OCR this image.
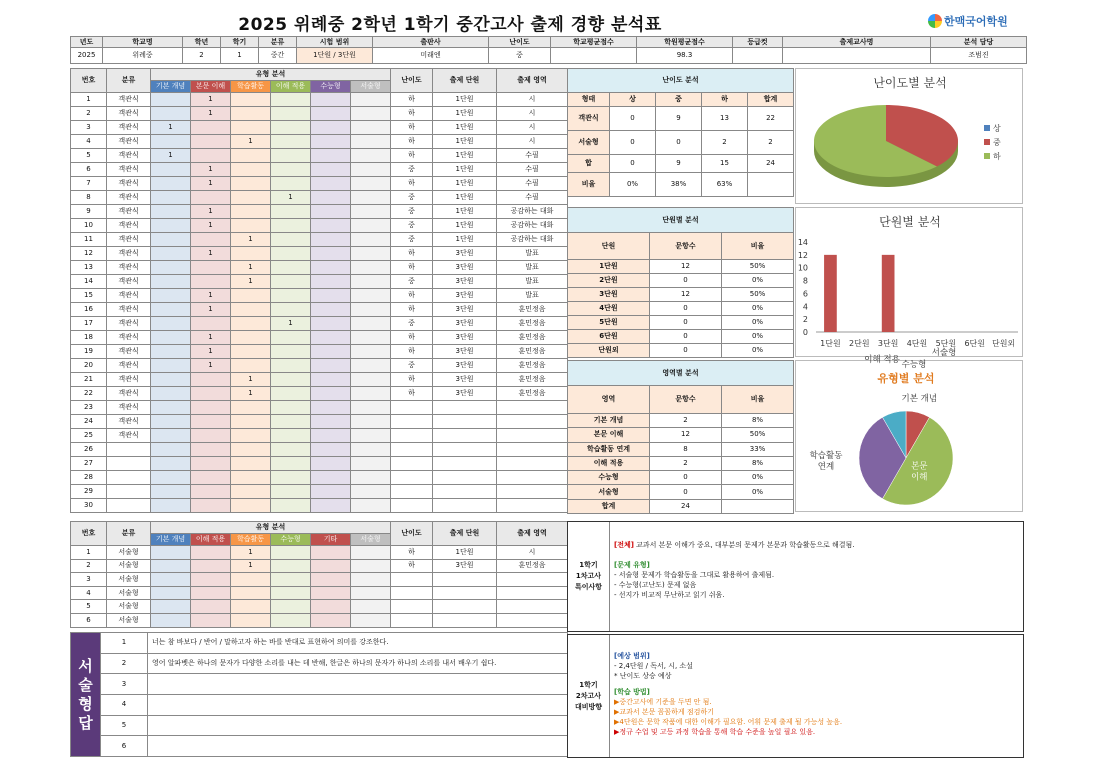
2025 위례중 2학년 1학기 중간고사 출제 경향 분석표	한맥국어학원
년도	학교명	학년	학기	분류	시험 범위	출판사	난이도	학교평균점수	학원평균점수	등급컷	출제교사명	분석 담당
2025	위례중	2	1	중간	1단원 / 3단원	미래엔	중		98.3			조범진
번호	분류	유형 분석						난이도	출제 단원	출제 영역
		기본 개념	본문 이해	학습활동	이해 적용	수능형	서술형			
1	객관식		1					하	1단원	시
2	객관식		1					하	1단원	시
3	객관식	1						하	1단원	시
4	객관식			1				하	1단원	시
5	객관식	1						하	1단원	수필
6	객관식		1					중	1단원	수필
7	객관식		1					하	1단원	수필
8	객관식				1			중	1단원	수필
9	객관식		1					중	1단원	공감하는 대화
10	객관식		1					중	1단원	공감하는 대화
11	객관식			1				중	1단원	공감하는 대화
12	객관식		1					하	3단원	발표
13	객관식			1				하	3단원	발표
14	객관식			1				중	3단원	발표
15	객관식		1					하	3단원	발표
16	객관식		1					하	3단원	훈민정음
17	객관식				1			중	3단원	훈민정음
18	객관식		1					하	3단원	훈민정음
19	객관식		1					하	3단원	훈민정음
20	객관식		1					중	3단원	훈민정음
21	객관식			1				하	3단원	훈민정음
22	객관식			1				하	3단원	훈민정음
23	객관식									
24	객관식									
25	객관식									
26										
27										
28										
29										
30										
번호	분류	유형 분석						난이도	출제 단원	출제 영역
		기본 개념	이해 적용	학습활동	수능형	기타	서술형			
1	서술형			1				하	1단원	시
2	서술형			1				하	3단원	훈민정음
3	서술형									
4	서술형									
5	서술형									
6	서술형									
서
술
형
답	1	너는 참 바보다 / 반어 / 말하고자 하는 바를 반대로 표현하여 의미를 강조한다.
	2	영어 알파벳은 하나의 문자가 다양한 소리를 내는 데 반해, 한글은 하나의 문자가 하나의 소리를 내서 배우기 쉽다.
	3	
	4	
	5	
	6	
난이도 분석				
형태	상	중	하	합계
객관식	0	9	13	22
서술형	0	0	2	2
합	0	9	15	24
비율	0%	38%	63%	
단원별 분석		
단원	문항수	비율
1단원	12	50%
2단원	0	0%
3단원	12	50%
4단원	0	0%
5단원	0	0%
6단원	0	0%
단원외	0	0%
영역별 분석		
영역	문항수	비율
기본 개념	2	8%
본문 이해	12	50%
학습활동 연계	8	33%
이해 적용	2	8%
수능형	0	0%
서술형	0	0%
합계	24	
난이도별 분석
상
중
하
단원별 분석
0
2
4
6
8
10
12
14
1단원 2단원 3단원 4단원 5단원 6단원 단원외
유형별 분석
기본 개념
본문
이해
학습활동
연계
이해 적용
수능형
서술형
1학기
1차고사
특이사항
[전체] 교과서 본문 이해가 중요, 대부분의 문제가 본문과 학습활동으로 해결됨.
[문제 유형]
- 서술형 문제가 학습활동을 그대로 활용하여 출제됨.
- 수능형(고난도) 문제 없음
- 선지가 비교적 무난하고 읽기 쉬움.
1학기
2차고사
대비방향
[예상 범위]
- 2,4단원 / 독서, 시, 소설
* 난이도 상승 예상
[학습 방법]
▶중간고사에 기준을 두면 안 됨.
▶교과서 본문 꼼꼼하게 점검하기
▶4단원은 문학 작품에 대한 이해가 필요함. 어휘 문제 출제 될 가능성 높음.
▶정규 수업 및 고등 과정 학습을 통해 학습 수준을 높일 필요 있음.
